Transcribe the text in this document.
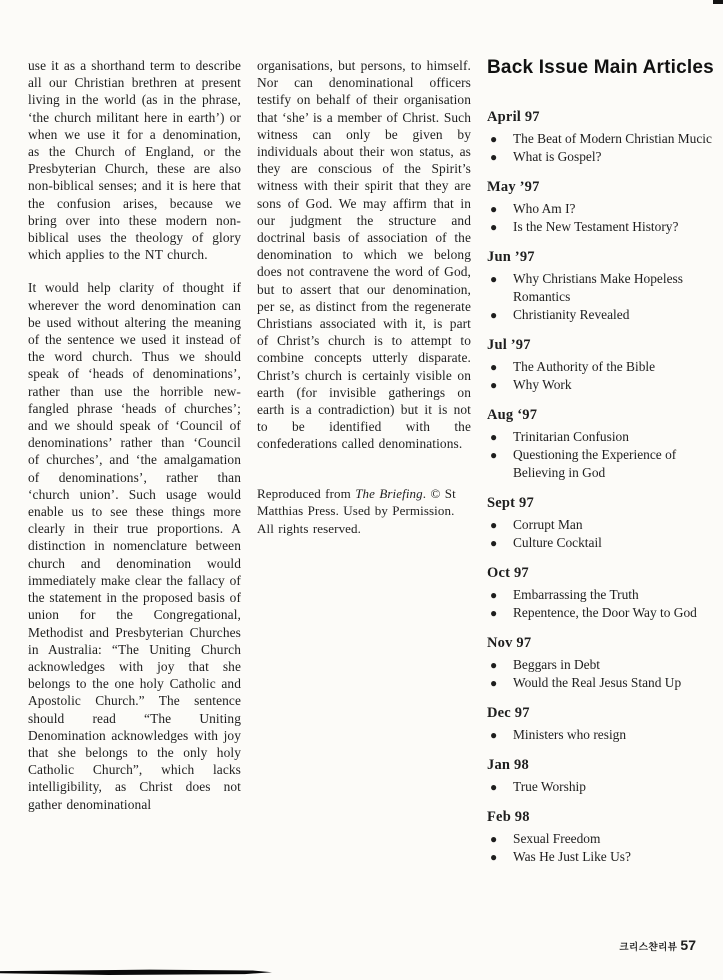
use it as a shorthand term to describe all our Christian brethren at present living in the world (as in the phrase, ‘the church militant here in earth’) or when we use it for a denomination, as the Church of England, or the Presbyterian Church, these are also non-biblical senses; and it is here that the confusion arises, because we bring over into these modern non-biblical uses the theology of glory which applies to the NT church.

It would help clarity of thought if wherever the word denomination can be used without altering the meaning of the sentence we used it instead of the word church. Thus we should speak of ‘heads of denominations’, rather than use the horrible new-fangled phrase ‘heads of churches’; and we should speak of ‘Council of denominations’ rather than ‘Council of churches’, and ‘the amalgamation of denominations’, rather than ‘church union’. Such usage would enable us to see these things more clearly in their true proportions. A distinction in nomenclature between church and denomination would immediately make clear the fallacy of the statement in the proposed basis of union for the Congregational, Methodist and Presbyterian Churches in Australia: “The Uniting Church acknowledges with joy that she belongs to the one holy Catholic and Apostolic Church.” The sentence should read “The Uniting Denomination acknowledges with joy that she belongs to the only holy Catholic Church”, which lacks intelligibility, as Christ does not gather denominational

organisations, but persons, to himself. Nor can denominational officers testify on behalf of their organisation that ‘she’ is a member of Christ. Such witness can only be given by individuals about their won status, as they are conscious of the Spirit’s witness with their spirit that they are sons of God. We may affirm that in our judgment the structure and doctrinal basis of association of the denomination to which we belong does not contravene the word of God, but to assert that our denomination, per se, as distinct from the regenerate Christians associated with it, is part of Christ’s church is to attempt to combine concepts utterly disparate. Christ’s church is certainly visible on earth (for invisible gatherings on earth is a contradiction) but it is not to be identified with the confederations called denominations.

Reproduced from The Briefing. © St Matthias Press. Used by Permission. All rights reserved.
Back Issue Main Articles
April 97
●	The Beat of Modern Christian Mucic
●	What is Gospel?
May ’97
●	Who Am I?
●	Is the New Testament History?
Jun ’97
●	Why Christians Make Hopeless Romantics
●	Christianity Revealed
Jul ’97
●	The Authority of the Bible
●	Why Work
Aug ‘97
●	Trinitarian Confusion
●	Questioning the Experience of Believing in God
Sept 97
●	Corrupt Man
●	Culture Cocktail
Oct 97
●	Embarrassing the Truth
●	Repentence, the Door Way to God
Nov 97
●	Beggars in Debt
●	Would the Real Jesus Stand Up
Dec 97
●	Ministers who resign
Jan 98
●	True Worship
Feb 98
●	Sexual Freedom
●	Was He Just Like Us?
크리스챤리뷰 57
